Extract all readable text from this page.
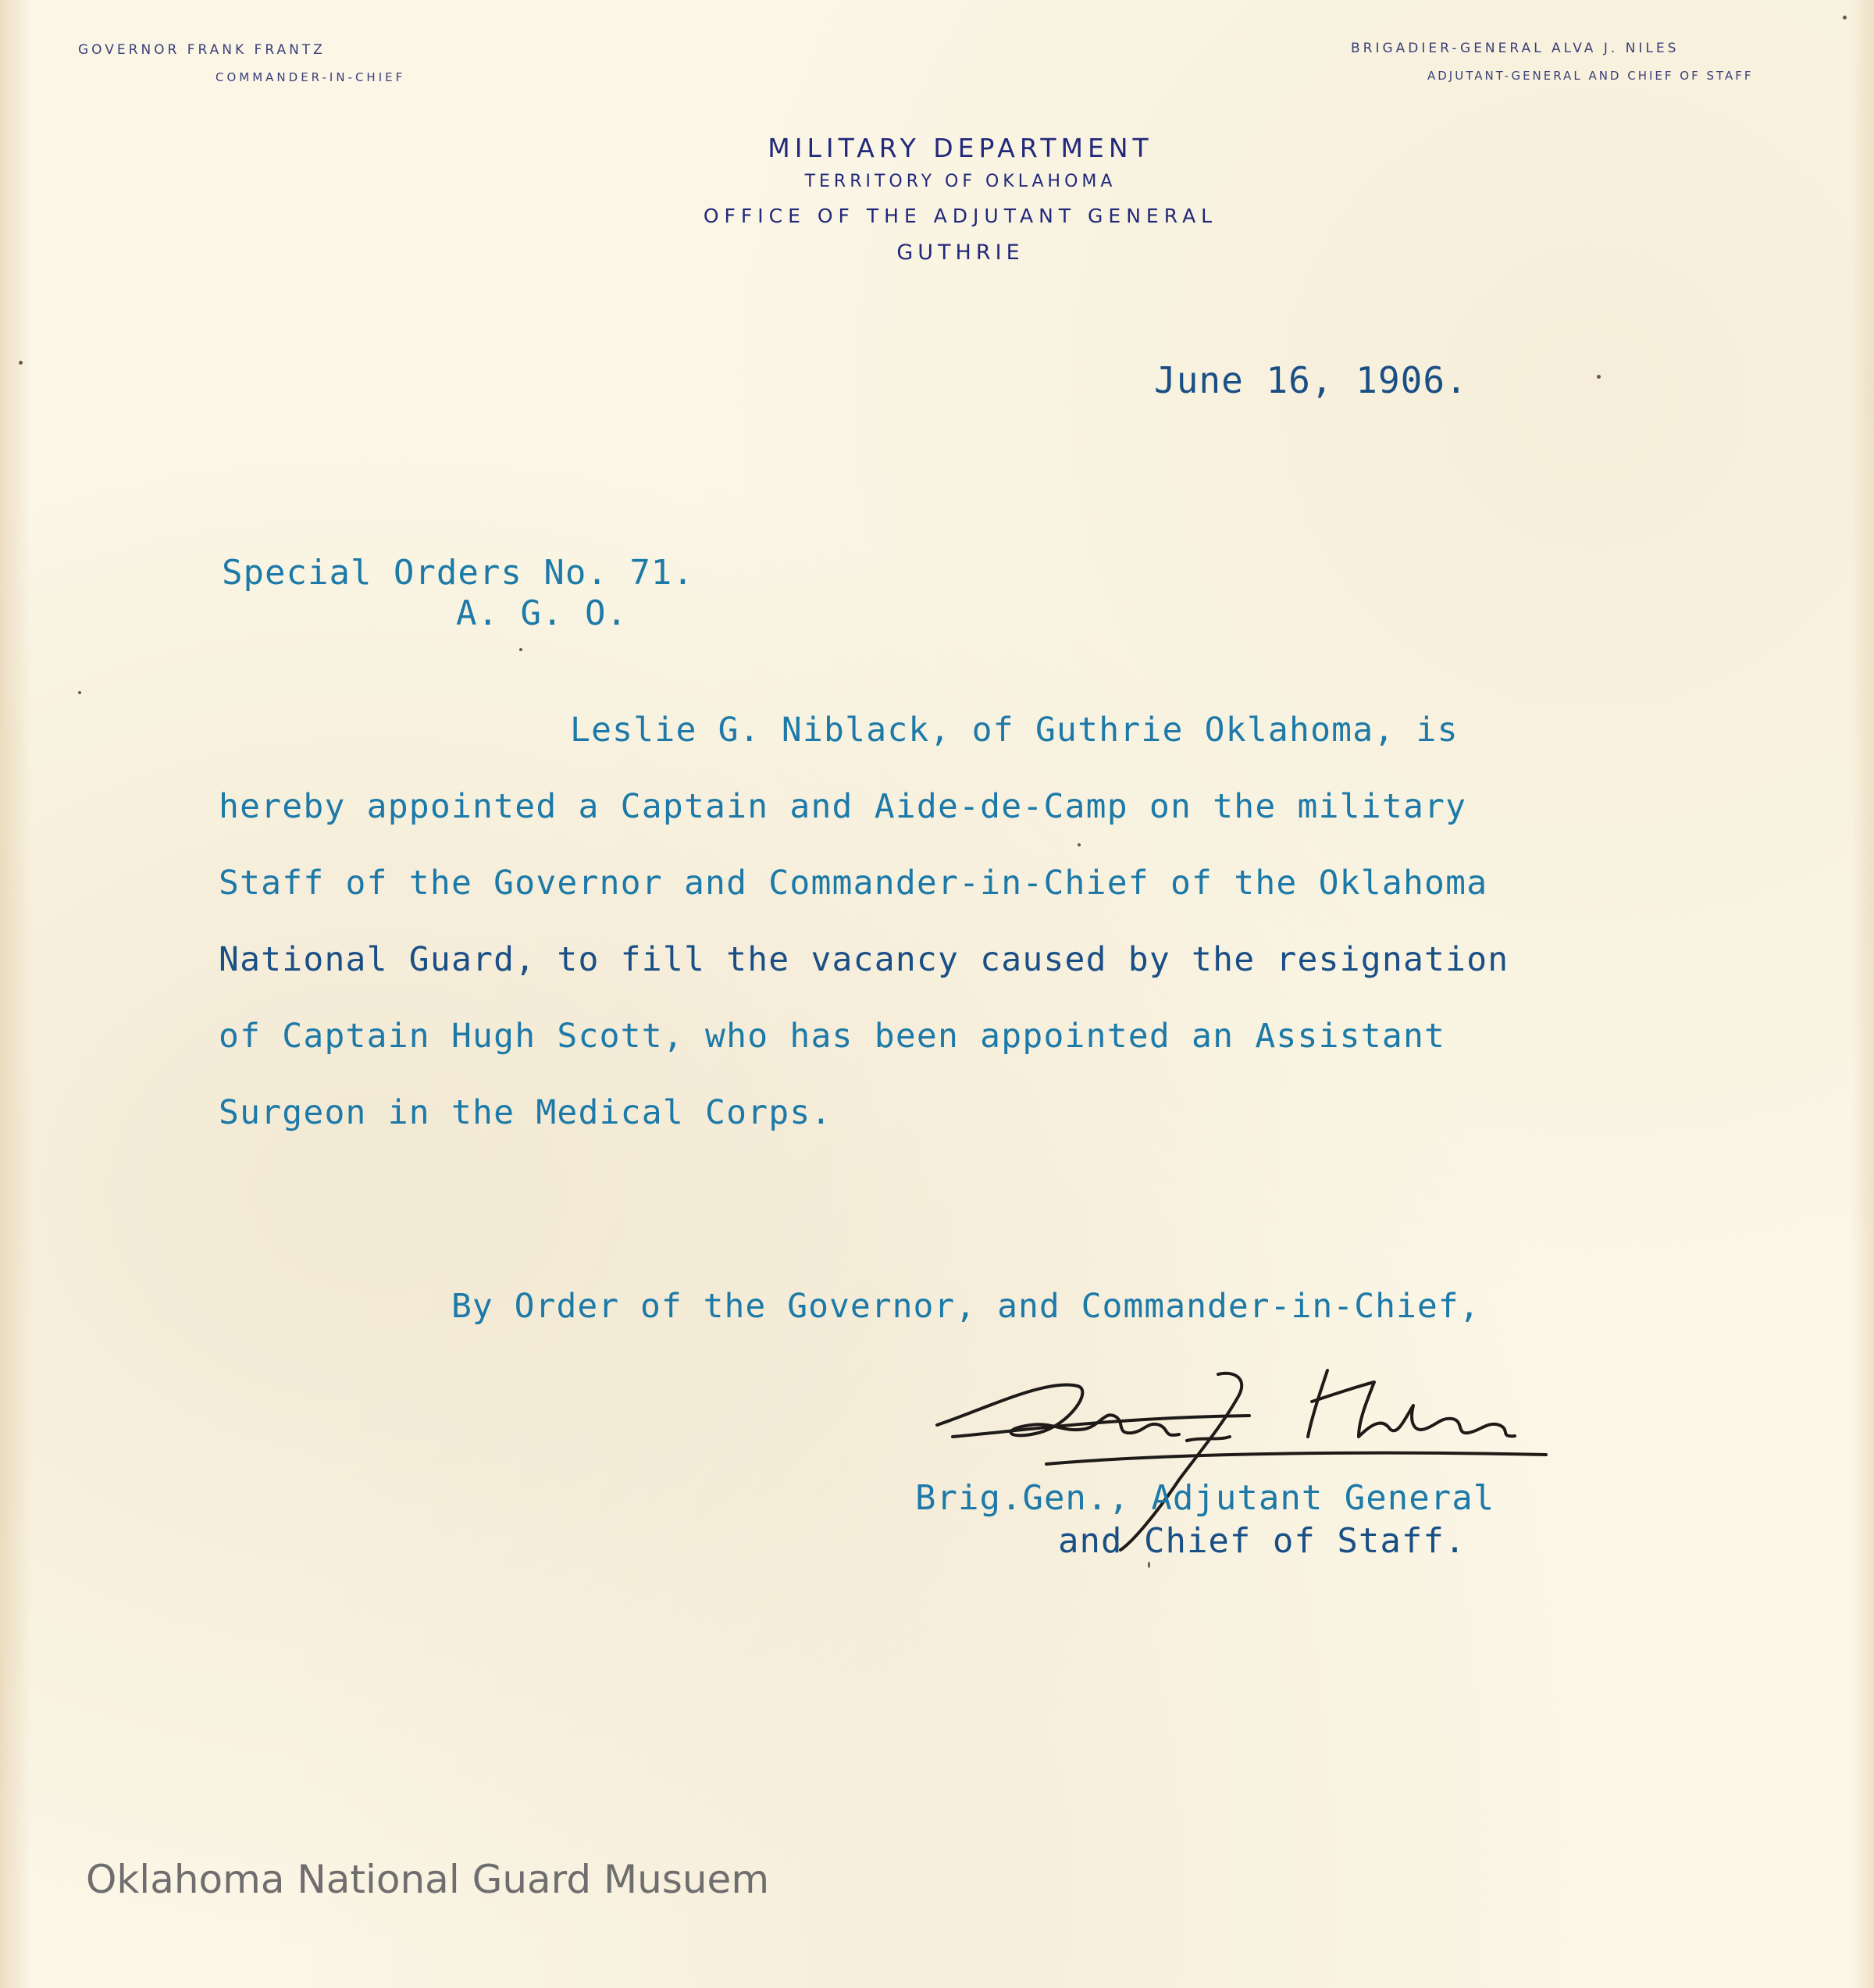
GOVERNOR FRANK FRANTZ
COMMANDER-IN-CHIEF
BRIGADIER-GENERAL ALVA J. NILES
ADJUTANT-GENERAL AND CHIEF OF STAFF
MILITARY DEPARTMENT
TERRITORY OF OKLAHOMA
OFFICE OF THE ADJUTANT GENERAL
GUTHRIE
June 16, 1906.
Special Orders No. 71.
A. G. O.
Leslie G. Niblack, of Guthrie Oklahoma, is
hereby appointed a Captain and Aide-de-Camp on the military
Staff of the Governor and Commander-in-Chief of the Oklahoma
National Guard, to fill the vacancy caused by the resignation
of Captain Hugh Scott, who has been appointed an Assistant
Surgeon in the Medical Corps.
By Order of the Governor, and Commander-in-Chief,
Brig.Gen., Adjutant General
and Chief of Staff.
Oklahoma National Guard Musuem
